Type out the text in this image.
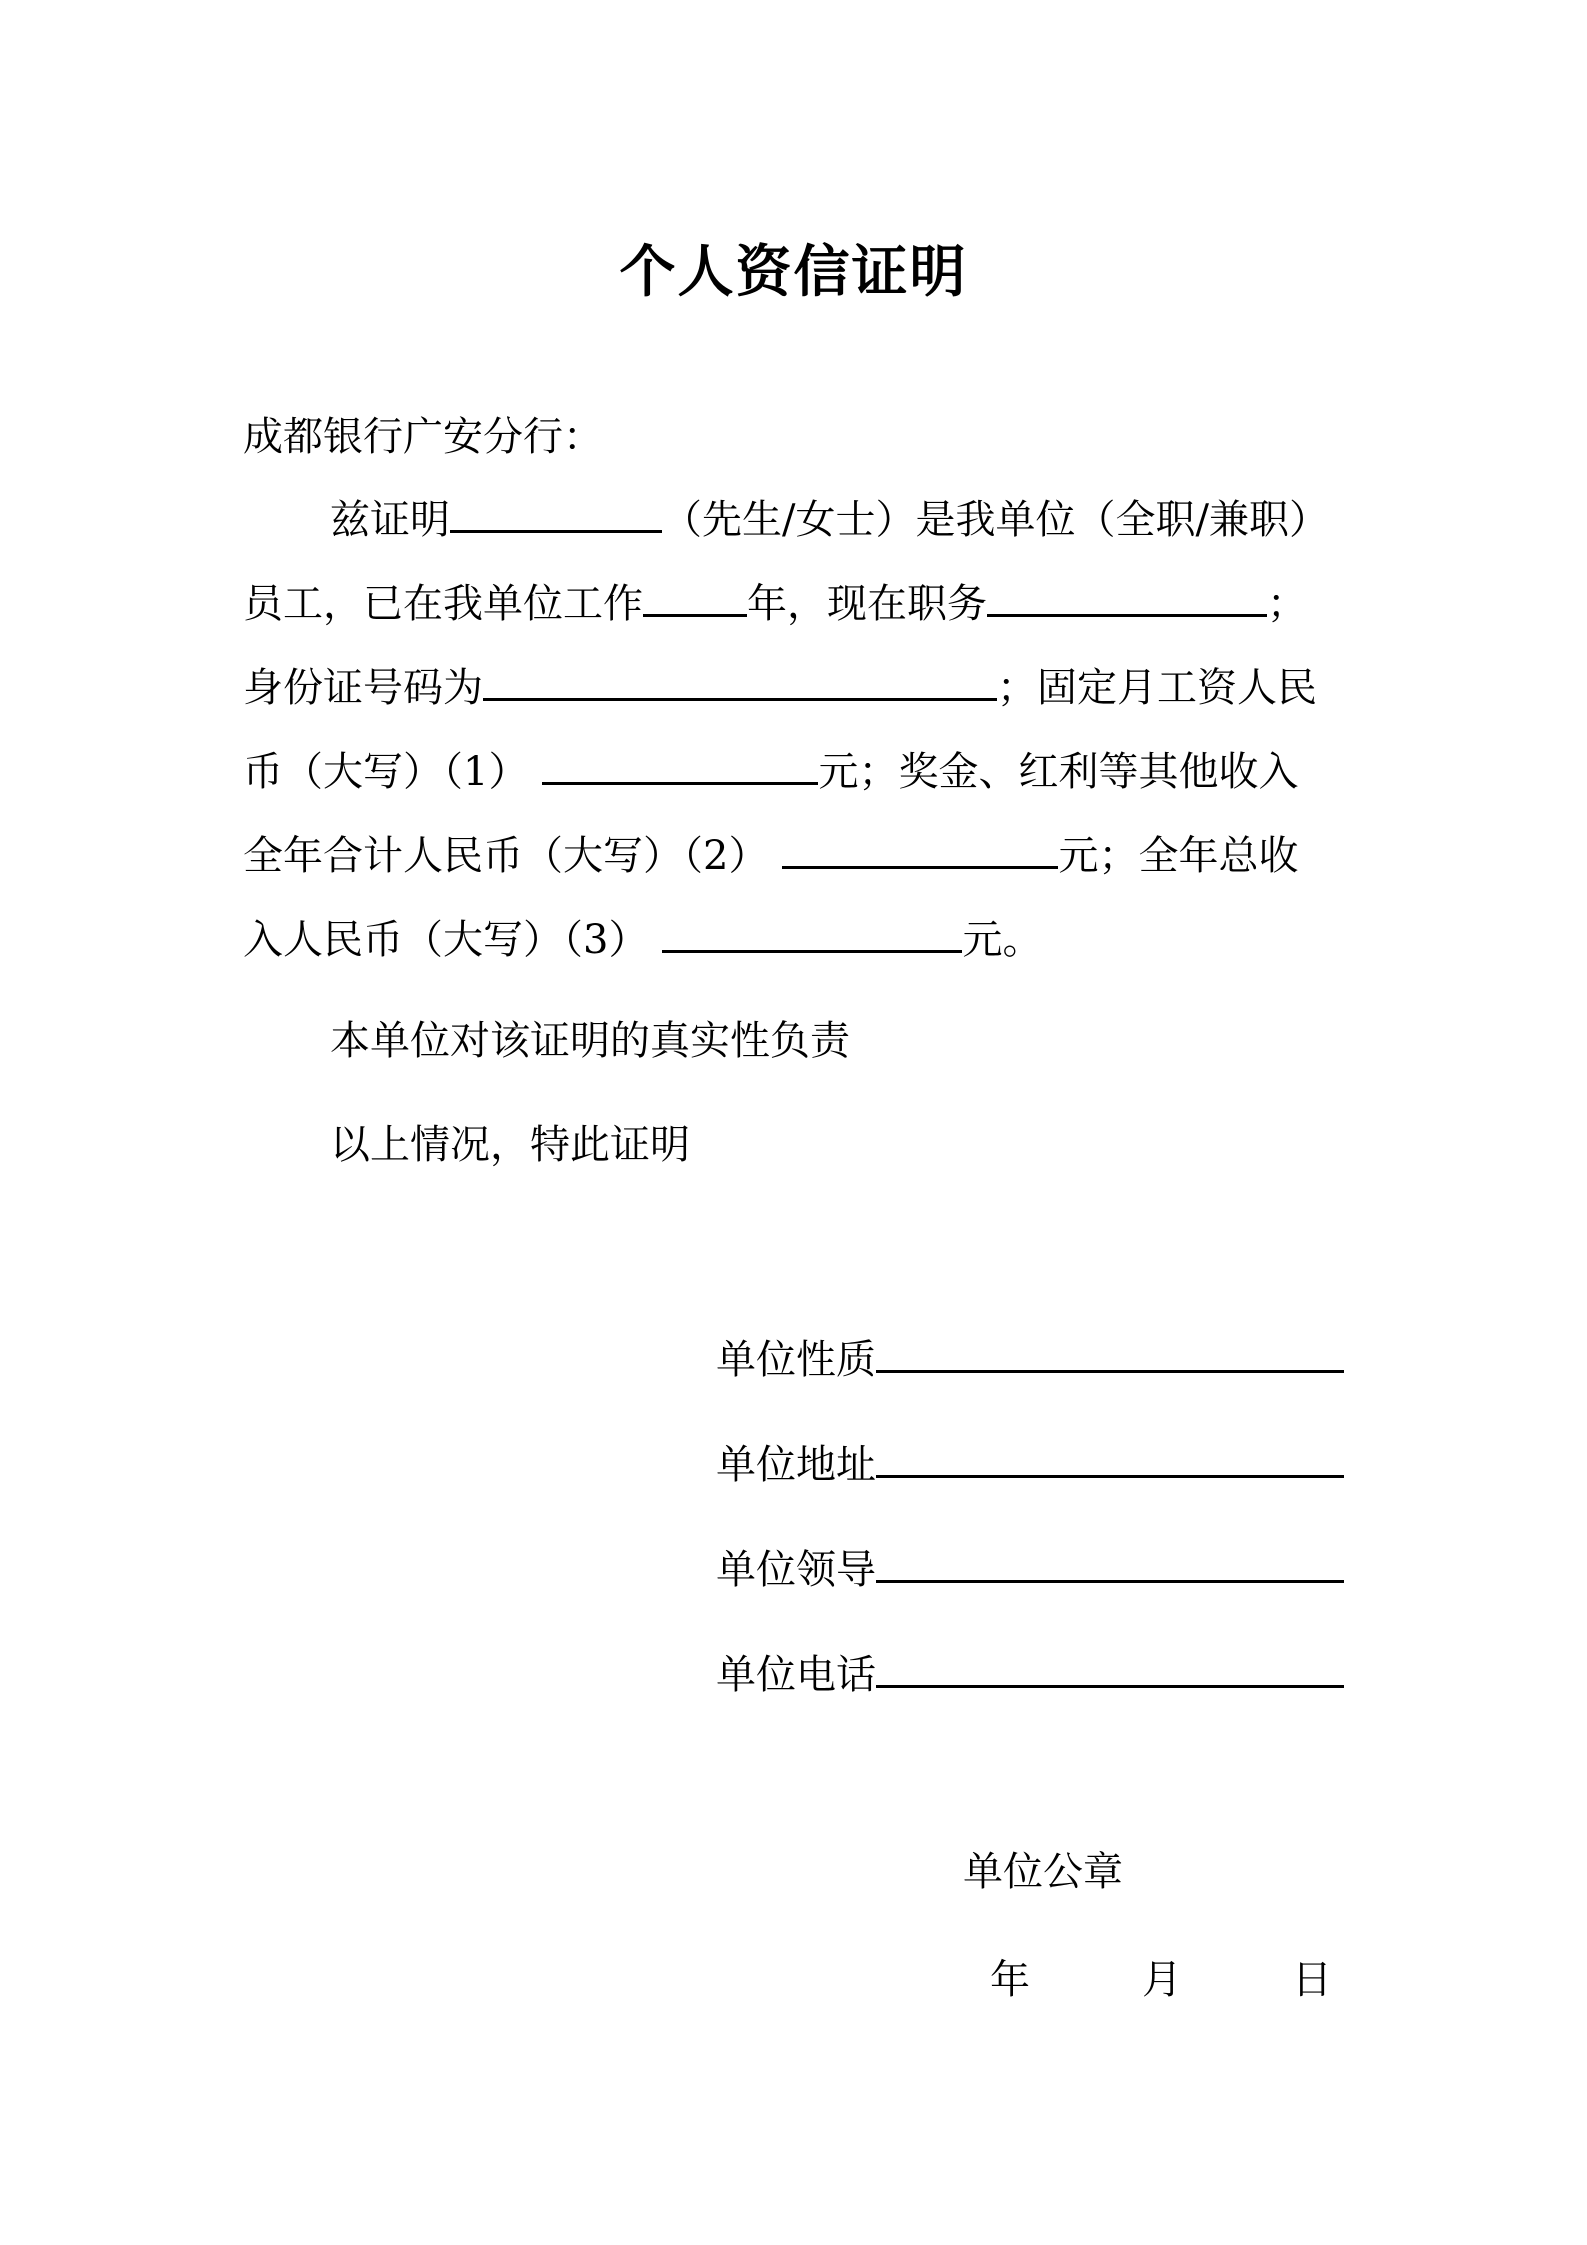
个人资信证明
成都银行广安分行：
兹证明	（先生/女士）是我单位（全职/兼职）
员工，已在我单位工作	年，现在职务	；
身份证号码为	；固定月工资人民
币（大写）（1）	元；奖金、红利等其他收入
全年合计人民币（大写）（2）	元；全年总收
入人民币（大写）（3）	元。
本单位对该证明的真实性负责
以上情况，特此证明
单位性质
单位地址
单位领导
单位电话
单位公章
年	月	日
